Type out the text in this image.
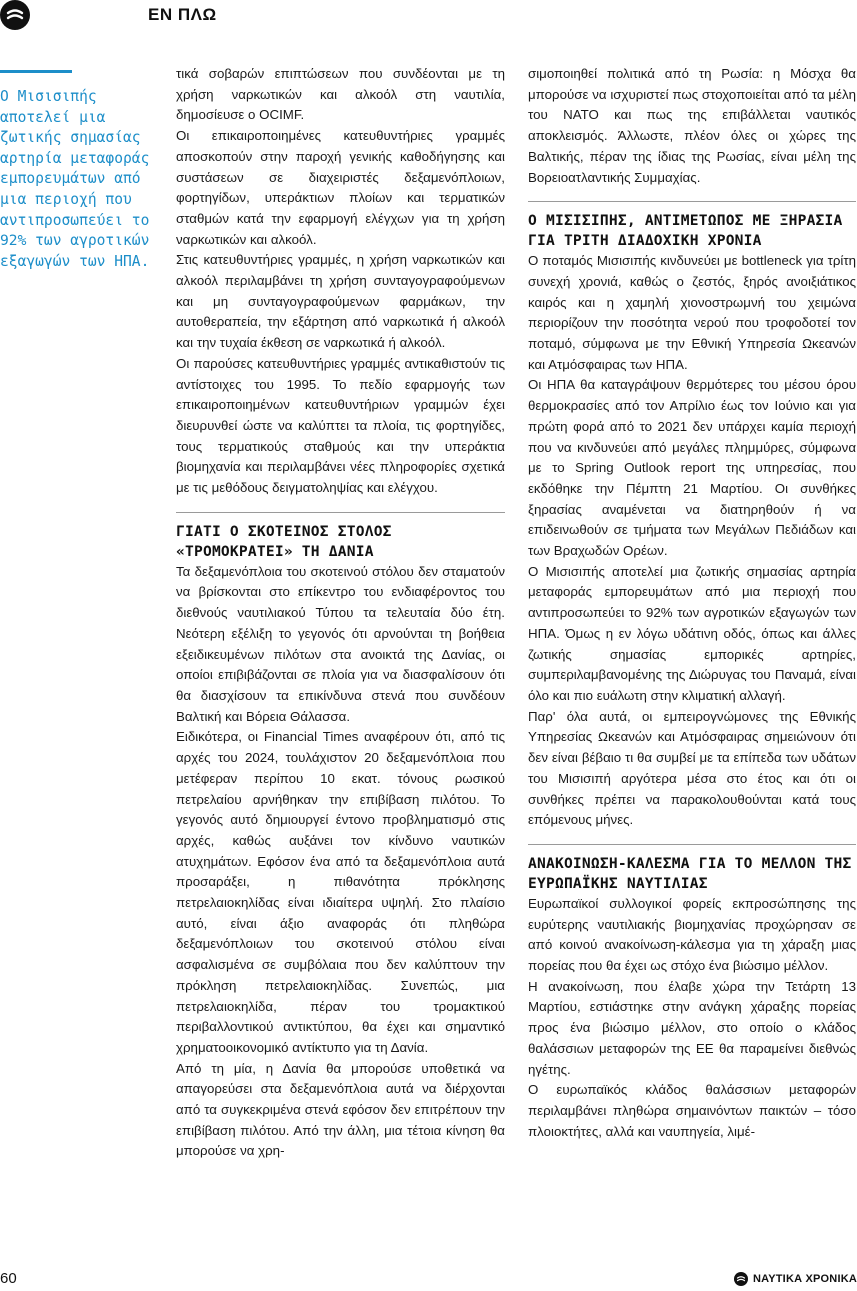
ΕΝ ΠΛΩ

Ο Μισισιπής αποτελεί μια ζωτικής σημασίας αρτηρία μεταφοράς εμπορευμάτων από μια περιοχή που αντιπροσωπεύει το 92% των αγροτικών εξαγωγών των ΗΠΑ.

τικά σοβαρών επιπτώσεων που συνδέονται με τη χρήση ναρκωτικών και αλκοόλ στη ναυτιλία, δημοσίευσε ο OCIMF.

Οι επικαιροποιημένες κατευθυντήριες γραμμές αποσκοπούν στην παροχή γενικής καθοδήγησης και συστάσεων σε διαχειριστές δεξαμενόπλοιων, φορτηγίδων, υπεράκτιων πλοίων και τερματικών σταθμών κατά την εφαρμογή ελέγχων για τη χρήση ναρκωτικών και αλκοόλ.

Στις κατευθυντήριες γραμμές, η χρήση ναρκωτικών και αλκοόλ περιλαμβάνει τη χρήση συνταγογραφούμενων και μη συνταγογραφούμενων φαρμάκων, την αυτοθεραπεία, την εξάρτηση από ναρκωτικά ή αλκοόλ και την τυχαία έκθεση σε ναρκωτικά ή αλκοόλ.

Οι παρούσες κατευθυντήριες γραμμές αντικαθιστούν τις αντίστοιχες του 1995. Το πεδίο εφαρμογής των επικαιροποιημένων κατευθυντήριων γραμμών έχει διευρυνθεί ώστε να καλύπτει τα πλοία, τις φορτηγίδες, τους τερματικούς σταθμούς και την υπεράκτια βιομηχανία και περιλαμβάνει νέες πληροφορίες σχετικά με τις μεθόδους δειγματοληψίας και ελέγχου.

ΓΙΑΤΙ Ο ΣΚΟΤΕΙΝΟΣ ΣΤΟΛΟΣ «ΤΡΟΜΟΚΡΑΤΕΙ» ΤΗ ΔΑΝΙΑ

Τα δεξαμενόπλοια του σκοτεινού στόλου δεν σταματούν να βρίσκονται στο επίκεντρο του ενδιαφέροντος του διεθνούς ναυτιλιακού Τύπου τα τελευταία δύο έτη. Νεότερη εξέλιξη το γεγονός ότι αρνούνται τη βοήθεια εξειδικευμένων πιλότων στα ανοικτά της Δανίας, οι οποίοι επιβιβάζονται σε πλοία για να διασφαλίσουν ότι θα διασχίσουν τα επικίνδυνα στενά που συνδέουν Βαλτική και Βόρεια Θάλασσα.

Ειδικότερα, οι Financial Times αναφέρουν ότι, από τις αρχές του 2024, τουλάχιστον 20 δεξαμενόπλοια που μετέφεραν περίπου 10 εκατ. τόνους ρωσικού πετρελαίου αρνήθηκαν την επιβίβαση πιλότου. Το γεγονός αυτό δημιουργεί έντονο προβληματισμό στις αρχές, καθώς αυξάνει τον κίνδυνο ναυτικών ατυχημάτων. Εφόσον ένα από τα δεξαμενόπλοια αυτά προσαράξει, η πιθανότητα πρόκλησης πετρελαιοκηλίδας είναι ιδιαίτερα υψηλή. Στο πλαίσιο αυτό, είναι άξιο αναφοράς ότι πληθώρα δεξαμενόπλοιων του σκοτεινού στόλου είναι ασφαλισμένα σε συμβόλαια που δεν καλύπτουν την πρόκληση πετρελαιοκηλίδας. Συνεπώς, μια πετρελαιοκηλίδα, πέραν του τρομακτικού περιβαλλοντικού αντικτύπου, θα έχει και σημαντικό χρηματοοικονομικό αντίκτυπο για τη Δανία.

Από τη μία, η Δανία θα μπορούσε υποθετικά να απαγορεύσει στα δεξαμενόπλοια αυτά να διέρχονται από τα συγκεκριμένα στενά εφόσον δεν επιτρέπουν την επιβίβαση πιλότου. Από την άλλη, μια τέτοια κίνηση θα μπορούσε να χρη-

σιμοποιηθεί πολιτικά από τη Ρωσία: η Μόσχα θα μπορούσε να ισχυριστεί πως στοχοποιείται από τα μέλη του ΝΑΤΟ και πως της επιβάλλεται ναυτικός αποκλεισμός. Άλλωστε, πλέον όλες οι χώρες της Βαλτικής, πέραν της ίδιας της Ρωσίας, είναι μέλη της Βορειοατλαντικής Συμμαχίας.

Ο ΜΙΣΙΣΙΠΗΣ, ΑΝΤΙΜΕΤΩΠΟΣ ΜΕ ΞΗΡΑΣΙΑ ΓΙΑ ΤΡΙΤΗ ΔΙΑΔΟΧΙΚΗ ΧΡΟΝΙΑ

Ο ποταμός Μισισιπής κινδυνεύει με bottleneck για τρίτη συνεχή χρονιά, καθώς ο ζεστός, ξηρός ανοιξιάτικος καιρός και η χαμηλή χιονοστρωμνή του χειμώνα περιορίζουν την ποσότητα νερού που τροφοδοτεί τον ποταμό, σύμφωνα με την Εθνική Υπηρεσία Ωκεανών και Ατμόσφαιρας των ΗΠΑ.

Οι ΗΠΑ θα καταγράψουν θερμότερες του μέσου όρου θερμοκρασίες από τον Απρίλιο έως τον Ιούνιο και για πρώτη φορά από το 2021 δεν υπάρχει καμία περιοχή που να κινδυνεύει από μεγάλες πλημμύρες, σύμφωνα με το Spring Outlook report της υπηρεσίας, που εκδόθηκε την Πέμπτη 21 Μαρτίου. Οι συνθήκες ξηρασίας αναμένεται να διατηρηθούν ή να επιδεινωθούν σε τμήματα των Μεγάλων Πεδιάδων και των Βραχωδών Ορέων.

Ο Μισισιπής αποτελεί μια ζωτικής σημασίας αρτηρία μεταφοράς εμπορευμάτων από μια περιοχή που αντιπροσωπεύει το 92% των αγροτικών εξαγωγών των ΗΠΑ. Όμως η εν λόγω υδάτινη οδός, όπως και άλλες ζωτικής σημασίας εμπορικές αρτηρίες, συμπεριλαμβανομένης της Διώρυγας του Παναμά, είναι όλο και πιο ευάλωτη στην κλιματική αλλαγή.

Παρ' όλα αυτά, οι εμπειρογνώμονες της Εθνικής Υπηρεσίας Ωκεανών και Ατμόσφαιρας σημειώνουν ότι δεν είναι βέβαιο τι θα συμβεί με τα επίπεδα των υδάτων του Μισισιπή αργότερα μέσα στο έτος και ότι οι συνθήκες πρέπει να παρακολουθούνται κατά τους επόμενους μήνες.

ΑΝΑΚΟΙΝΩΣΗ-ΚΑΛΕΣΜΑ ΓΙΑ ΤΟ ΜΕΛΛΟΝ ΤΗΣ ΕΥΡΩΠΑΪΚΗΣ ΝΑΥΤΙΛΙΑΣ

Ευρωπαϊκοί συλλογικοί φορείς εκπροσώπησης της ευρύτερης ναυτιλιακής βιομηχανίας προχώρησαν σε από κοινού ανακοίνωση-κάλεσμα για τη χάραξη μιας πορείας που θα έχει ως στόχο ένα βιώσιμο μέλλον.

Η ανακοίνωση, που έλαβε χώρα την Τετάρτη 13 Μαρτίου, εστιάστηκε στην ανάγκη χάραξης πορείας προς ένα βιώσιμο μέλλον, στο οποίο ο κλάδος θαλάσσιων μεταφορών της ΕΕ θα παραμείνει διεθνώς ηγέτης.

Ο ευρωπαϊκός κλάδος θαλάσσιων μεταφορών περιλαμβάνει πληθώρα σημαινόντων παικτών – τόσο πλοιοκτήτες, αλλά και ναυπηγεία, λιμέ-

60	ΝΑΥΤΙΚΑ ΧΡΟΝΙΚΑ
